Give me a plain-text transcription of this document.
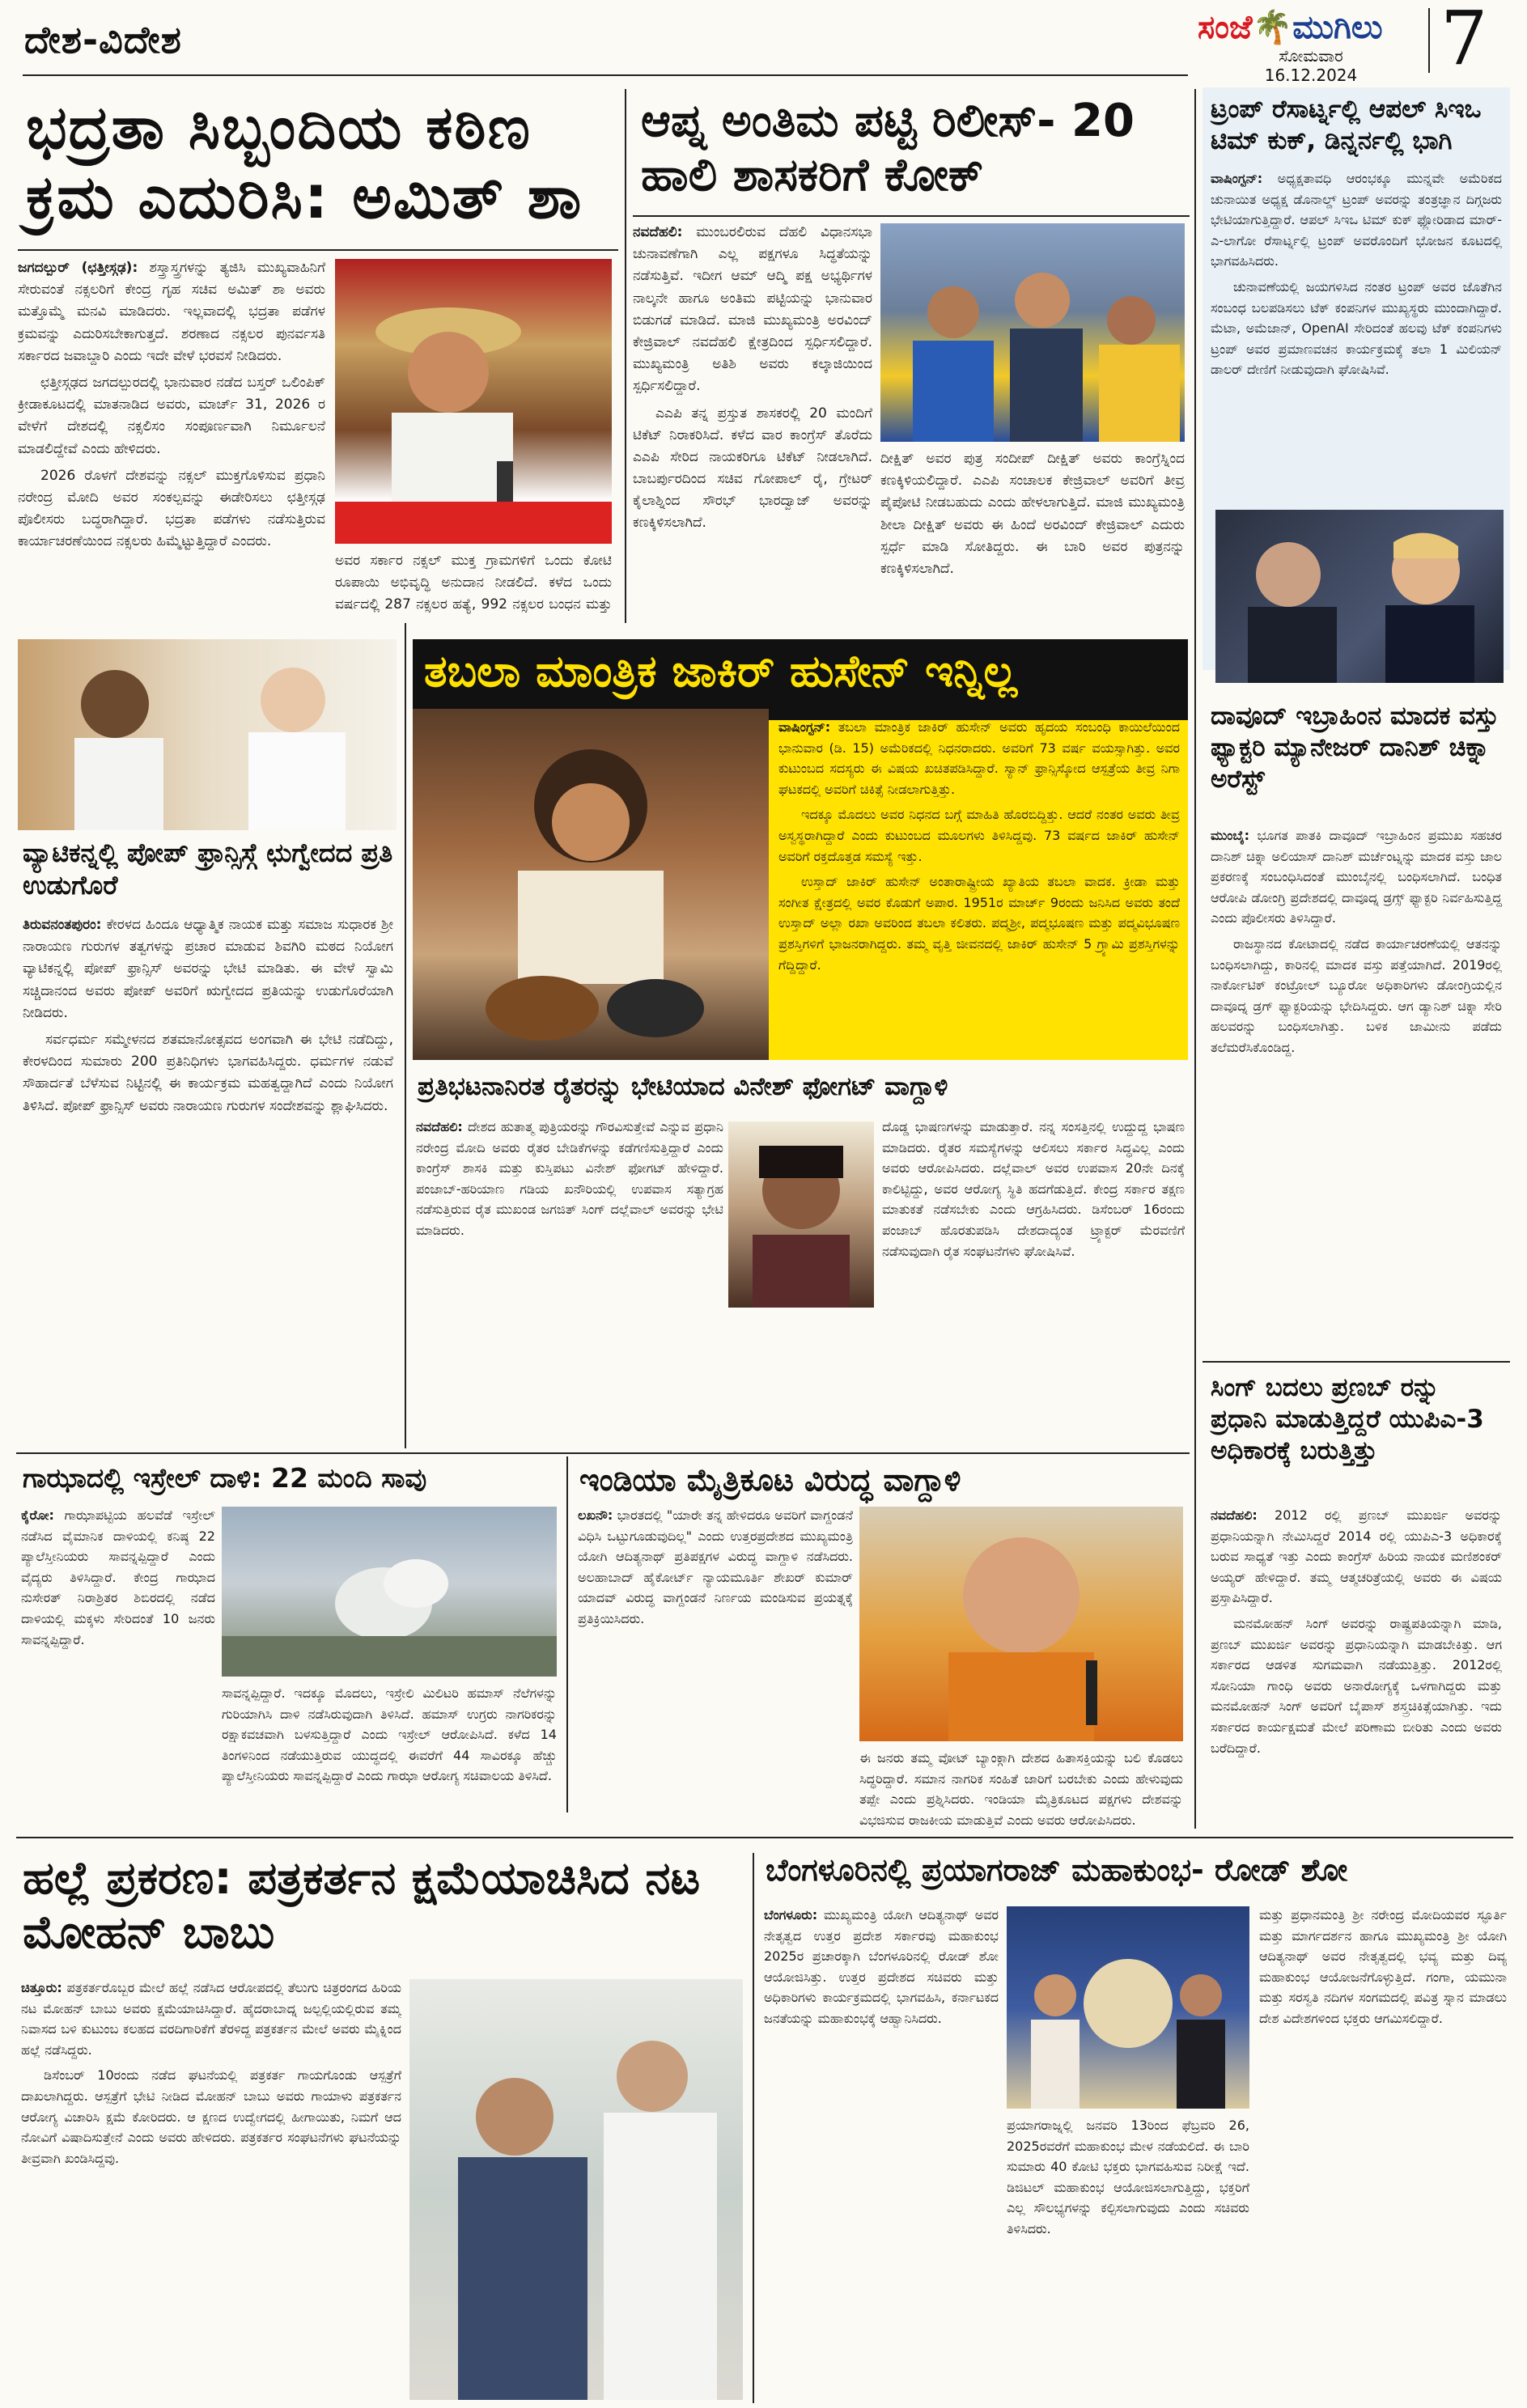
ದೇಶ-ವಿದೇಶ	ಸಂಜೆ🌴ಮುಗಿಲು
ಸೋಮವಾರ
16.12.2024	7
ಭದ್ರತಾ ಸಿಬ್ಬಂದಿಯ ಕಠಿಣ ಕ್ರಮ ಎದುರಿಸಿ: ಅಮಿತ್ ಶಾ

ಜಗದಲ್ಪುರ್ (ಛತ್ತೀಸ್ಗಢ): ಶಸ್ತ್ರಾಸ್ತ್ರಗಳನ್ನು ತ್ಯಜಿಸಿ ಮುಖ್ಯವಾಹಿನಿಗೆ ಸೇರುವಂತೆ ನಕ್ಸಲರಿಗೆ ಕೇಂದ್ರ ಗೃಹ ಸಚಿವ ಅಮಿತ್ ಶಾ ಅವರು ಮತ್ತೊಮ್ಮೆ ಮನವಿ ಮಾಡಿದರು. ಇಲ್ಲವಾದಲ್ಲಿ ಭದ್ರತಾ ಪಡೆಗಳ ಕ್ರಮವನ್ನು ಎದುರಿಸಬೇಕಾಗುತ್ತದೆ. ಶರಣಾದ ನಕ್ಸಲರ ಪುನರ್ವಸತಿ ಸರ್ಕಾರದ ಜವಾಬ್ದಾರಿ ಎಂದು ಇದೇ ವೇಳೆ ಭರವಸೆ ನೀಡಿದರು.

ಛತ್ತೀಸ್ಗಢದ ಜಗದಲ್ಪುರದಲ್ಲಿ ಭಾನುವಾರ ನಡೆದ ಬಸ್ತರ್ ಒಲಿಂಪಿಕ್ ಕ್ರೀಡಾಕೂಟದಲ್ಲಿ ಮಾತನಾಡಿದ ಅವರು, ಮಾರ್ಚ್ 31, 2026 ರ ವೇಳೆಗೆ ದೇಶದಲ್ಲಿ ನಕ್ಸಲಿಸಂ ಸಂಪೂರ್ಣವಾಗಿ ನಿರ್ಮೂಲನೆ ಮಾಡಲಿದ್ದೇವೆ ಎಂದು ಹೇಳಿದರು.

2026 ರೊಳಗೆ ದೇಶವನ್ನು ನಕ್ಸಲ್ ಮುಕ್ತಗೊಳಿಸುವ ಪ್ರಧಾನಿ ನರೇಂದ್ರ ಮೋದಿ ಅವರ ಸಂಕಲ್ಪವನ್ನು ಈಡೇರಿಸಲು ಛತ್ತೀಸ್ಗಢ ಪೊಲೀಸರು ಬದ್ಧರಾಗಿದ್ದಾರೆ. ಭದ್ರತಾ ಪಡೆಗಳು ನಡೆಸುತ್ತಿರುವ ಕಾರ್ಯಾಚರಣೆಯಿಂದ ನಕ್ಸಲರು ಹಿಮ್ಮೆಟ್ಟುತ್ತಿದ್ದಾರೆ ಎಂದರು.

ಅವರ ಸರ್ಕಾರ ನಕ್ಸಲ್ ಮುಕ್ತ ಗ್ರಾಮಗಳಿಗೆ ಒಂದು ಕೋಟಿ ರೂಪಾಯಿ ಅಭಿವೃದ್ಧಿ ಅನುದಾನ ನೀಡಲಿದೆ. ಕಳೆದ ಒಂದು ವರ್ಷದಲ್ಲಿ 287 ನಕ್ಸಲರ ಹತ್ಯೆ, 992 ನಕ್ಸಲರ ಬಂಧನ ಮತ್ತು

ಆಪ್ನ ಅಂತಿಮ ಪಟ್ಟಿ ರಿಲೀಸ್- 20 ಹಾಲಿ ಶಾಸಕರಿಗೆ ಕೋಕ್

ನವದೆಹಲಿ: ಮುಂಬರಲಿರುವ ದೆಹಲಿ ವಿಧಾನಸಭಾ ಚುನಾವಣೆಗಾಗಿ ಎಲ್ಲ ಪಕ್ಷಗಳೂ ಸಿದ್ಧತೆಯನ್ನು ನಡೆಸುತ್ತಿವೆ. ಇದೀಗ ಆಮ್ ಆದ್ಮಿ ಪಕ್ಷ ಅಭ್ಯರ್ಥಿಗಳ ನಾಲ್ಕನೇ ಹಾಗೂ ಅಂತಿಮ ಪಟ್ಟಿಯನ್ನು ಭಾನುವಾರ ಬಿಡುಗಡೆ ಮಾಡಿದೆ. ಮಾಜಿ ಮುಖ್ಯಮಂತ್ರಿ ಅರವಿಂದ್ ಕೇಜ್ರಿವಾಲ್ ನವದೆಹಲಿ ಕ್ಷೇತ್ರದಿಂದ ಸ್ಪರ್ಧಿಸಲಿದ್ದಾರೆ. ಮುಖ್ಯಮಂತ್ರಿ ಅತಿಶಿ ಅವರು ಕಲ್ಕಾಜಿಯಿಂದ ಸ್ಪರ್ಧಿಸಲಿದ್ದಾರೆ.

ಎಎಪಿ ತನ್ನ ಪ್ರಸ್ತುತ ಶಾಸಕರಲ್ಲಿ 20 ಮಂದಿಗೆ ಟಿಕೆಟ್ ನಿರಾಕರಿಸಿದೆ. ಕಳೆದ ವಾರ ಕಾಂಗ್ರೆಸ್ ತೊರೆದು ಎಎಪಿ ಸೇರಿದ ನಾಯಕರಿಗೂ ಟಿಕೆಟ್ ನೀಡಲಾಗಿದೆ. ಬಾಬರ್ಪುರದಿಂದ ಸಚಿವ ಗೋಪಾಲ್ ರೈ, ಗ್ರೇಟರ್ ಕೈಲಾಶ್ನಿಂದ ಸೌರಭ್ ಭಾರದ್ವಾಜ್ ಅವರನ್ನು ಕಣಕ್ಕಿಳಿಸಲಾಗಿದೆ.

ದೀಕ್ಷಿತ್ ಅವರ ಪುತ್ರ ಸಂದೀಪ್ ದೀಕ್ಷಿತ್ ಅವರು ಕಾಂಗ್ರೆಸ್ನಿಂದ ಕಣಕ್ಕಿಳಿಯಲಿದ್ದಾರೆ. ಎಎಪಿ ಸಂಚಾಲಕ ಕೇಜ್ರಿವಾಲ್ ಅವರಿಗೆ ತೀವ್ರ ಪೈಪೋಟಿ ನೀಡಬಹುದು ಎಂದು ಹೇಳಲಾಗುತ್ತಿದೆ. ಮಾಜಿ ಮುಖ್ಯಮಂತ್ರಿ ಶೀಲಾ ದೀಕ್ಷಿತ್ ಅವರು ಈ ಹಿಂದೆ ಅರವಿಂದ್ ಕೇಜ್ರಿವಾಲ್ ಎದುರು ಸ್ಪರ್ಧೆ ಮಾಡಿ ಸೋತಿದ್ದರು. ಈ ಬಾರಿ ಅವರ ಪುತ್ರನನ್ನು ಕಣಕ್ಕಿಳಿಸಲಾಗಿದೆ.

ಟ್ರಂಪ್ ರೆಸಾರ್ಟ್ನಲ್ಲಿ ಆಪಲ್ ಸಿಇಒ ಟಿಮ್ ಕುಕ್, ಡಿನ್ನರ್ನಲ್ಲಿ ಭಾಗಿ

ವಾಷಿಂಗ್ಟನ್: ಅಧ್ಯಕ್ಷತಾವಧಿ ಆರಂಭಕ್ಕೂ ಮುನ್ನವೇ ಅಮೆರಿಕದ ಚುನಾಯಿತ ಅಧ್ಯಕ್ಷ ಡೊನಾಲ್ಡ್ ಟ್ರಂಪ್ ಅವರನ್ನು ತಂತ್ರಜ್ಞಾನ ದಿಗ್ಗಜರು ಭೇಟಿಯಾಗುತ್ತಿದ್ದಾರೆ. ಆಪಲ್ ಸಿಇಒ ಟಿಮ್ ಕುಕ್ ಫ್ಲೋರಿಡಾದ ಮಾರ್-ಎ-ಲಾಗೋ ರೆಸಾರ್ಟ್ನಲ್ಲಿ ಟ್ರಂಪ್ ಅವರೊಂದಿಗೆ ಭೋಜನ ಕೂಟದಲ್ಲಿ ಭಾಗವಹಿಸಿದರು.

ಚುನಾವಣೆಯಲ್ಲಿ ಜಯಗಳಿಸಿದ ನಂತರ ಟ್ರಂಪ್ ಅವರ ಜೊತೆಗಿನ ಸಂಬಂಧ ಬಲಪಡಿಸಲು ಟೆಕ್ ಕಂಪನಿಗಳ ಮುಖ್ಯಸ್ಥರು ಮುಂದಾಗಿದ್ದಾರೆ. ಮೆಟಾ, ಅಮೆಜಾನ್, OpenAI ಸೇರಿದಂತೆ ಹಲವು ಟೆಕ್ ಕಂಪನಿಗಳು ಟ್ರಂಪ್ ಅವರ ಪ್ರಮಾಣವಚನ ಕಾರ್ಯಕ್ರಮಕ್ಕೆ ತಲಾ 1 ಮಿಲಿಯನ್ ಡಾಲರ್ ದೇಣಿಗೆ ನೀಡುವುದಾಗಿ ಘೋಷಿಸಿವೆ.

ದಾವೂದ್ ಇಬ್ರಾಹಿಂನ ಮಾದಕ ವಸ್ತು ಫ್ಯಾಕ್ಟರಿ ಮ್ಯಾನೇಜರ್ ದಾನಿಶ್ ಚಿಕ್ನಾ ಅರೆಸ್ಟ್

ಮುಂಬೈ: ಭೂಗತ ಪಾತಕಿ ದಾವೂದ್ ಇಬ್ರಾಹಿಂನ ಪ್ರಮುಖ ಸಹಚರ ದಾನಿಶ್ ಚಿಕ್ನಾ ಅಲಿಯಾಸ್ ದಾನಿಶ್ ಮರ್ಚೆಂಟ್ನನ್ನು ಮಾದಕ ವಸ್ತು ಜಾಲ ಪ್ರಕರಣಕ್ಕೆ ಸಂಬಂಧಿಸಿದಂತೆ ಮುಂಬೈನಲ್ಲಿ ಬಂಧಿಸಲಾಗಿದೆ. ಬಂಧಿತ ಆರೋಪಿ ಡೋಂಗ್ರಿ ಪ್ರದೇಶದಲ್ಲಿ ದಾವೂದ್ನ ಡ್ರಗ್ಸ್ ಫ್ಯಾಕ್ಟರಿ ನಿರ್ವಹಿಸುತ್ತಿದ್ದ ಎಂದು ಪೊಲೀಸರು ತಿಳಿಸಿದ್ದಾರೆ.

ರಾಜಸ್ಥಾನದ ಕೋಟಾದಲ್ಲಿ ನಡೆದ ಕಾರ್ಯಾಚರಣೆಯಲ್ಲಿ ಆತನನ್ನು ಬಂಧಿಸಲಾಗಿದ್ದು, ಕಾರಿನಲ್ಲಿ ಮಾದಕ ವಸ್ತು ಪತ್ತೆಯಾಗಿದೆ. 2019ರಲ್ಲಿ ನಾರ್ಕೋಟಿಕ್ ಕಂಟ್ರೋಲ್ ಬ್ಯೂರೋ ಅಧಿಕಾರಿಗಳು ಡೋಂಗ್ರಿಯಲ್ಲಿನ ದಾವೂದ್ನ ಡ್ರಗ್ ಫ್ಯಾಕ್ಟರಿಯನ್ನು ಭೇದಿಸಿದ್ದರು. ಆಗ ಡ್ಯಾನಿಶ್ ಚಿಕ್ನಾ ಸೇರಿ ಹಲವರನ್ನು ಬಂಧಿಸಲಾಗಿತ್ತು. ಬಳಿಕ ಜಾಮೀನು ಪಡೆದು ತಲೆಮರೆಸಿಕೊಂಡಿದ್ದ.

ಸಿಂಗ್ ಬದಲು ಪ್ರಣಬ್ ರನ್ನು ಪ್ರಧಾನಿ ಮಾಡುತ್ತಿದ್ದರೆ ಯುಪಿಎ-3 ಅಧಿಕಾರಕ್ಕೆ ಬರುತ್ತಿತ್ತು

ನವದೆಹಲಿ: 2012 ರಲ್ಲಿ ಪ್ರಣಬ್ ಮುಖರ್ಜಿ ಅವರನ್ನು ಪ್ರಧಾನಿಯನ್ನಾಗಿ ನೇಮಿಸಿದ್ದರೆ 2014 ರಲ್ಲಿ ಯುಪಿಎ-3 ಅಧಿಕಾರಕ್ಕೆ ಬರುವ ಸಾಧ್ಯತೆ ಇತ್ತು ಎಂದು ಕಾಂಗ್ರೆಸ್ ಹಿರಿಯ ನಾಯಕ ಮಣಿಶಂಕರ್ ಅಯ್ಯರ್ ಹೇಳಿದ್ದಾರೆ. ತಮ್ಮ ಆತ್ಮಚರಿತ್ರೆಯಲ್ಲಿ ಅವರು ಈ ವಿಷಯ ಪ್ರಸ್ತಾಪಿಸಿದ್ದಾರೆ.

ಮನಮೋಹನ್ ಸಿಂಗ್ ಅವರನ್ನು ರಾಷ್ಟ್ರಪತಿಯನ್ನಾಗಿ ಮಾಡಿ, ಪ್ರಣಬ್ ಮುಖರ್ಜಿ ಅವರನ್ನು ಪ್ರಧಾನಿಯನ್ನಾಗಿ ಮಾಡಬೇಕಿತ್ತು. ಆಗ ಸರ್ಕಾರದ ಆಡಳಿತ ಸುಗಮವಾಗಿ ನಡೆಯುತ್ತಿತ್ತು. 2012ರಲ್ಲಿ ಸೋನಿಯಾ ಗಾಂಧಿ ಅವರು ಅನಾರೋಗ್ಯಕ್ಕೆ ಒಳಗಾಗಿದ್ದರು ಮತ್ತು ಮನಮೋಹನ್ ಸಿಂಗ್ ಅವರಿಗೆ ಬೈಪಾಸ್ ಶಸ್ತ್ರಚಿಕಿತ್ಸೆಯಾಗಿತ್ತು. ಇದು ಸರ್ಕಾರದ ಕಾರ್ಯಕ್ಷಮತೆ ಮೇಲೆ ಪರಿಣಾಮ ಬೀರಿತು ಎಂದು ಅವರು ಬರೆದಿದ್ದಾರೆ.

ವ್ಯಾಟಿಕನ್ನಲ್ಲಿ ಪೋಪ್ ಫ್ರಾನ್ಸಿಸ್ಗೆ ಛುಗ್ವೇದದ ಪ್ರತಿ ಉಡುಗೊರೆ

ತಿರುವನಂತಪುರಂ: ಕೇರಳದ ಹಿಂದೂ ಆಧ್ಯಾತ್ಮಿಕ ನಾಯಕ ಮತ್ತು ಸಮಾಜ ಸುಧಾರಕ ಶ್ರೀ ನಾರಾಯಣ ಗುರುಗಳ ತತ್ವಗಳನ್ನು ಪ್ರಚಾರ ಮಾಡುವ ಶಿವಗಿರಿ ಮಠದ ನಿಯೋಗ ವ್ಯಾಟಿಕನ್ನಲ್ಲಿ ಪೋಪ್ ಫ್ರಾನ್ಸಿಸ್ ಅವರನ್ನು ಭೇಟಿ ಮಾಡಿತು. ಈ ವೇಳೆ ಸ್ವಾಮಿ ಸಚ್ಚಿದಾನಂದ ಅವರು ಪೋಪ್ ಅವರಿಗೆ ಋಗ್ವೇದದ ಪ್ರತಿಯನ್ನು ಉಡುಗೊರೆಯಾಗಿ ನೀಡಿದರು.

ಸರ್ವಧರ್ಮ ಸಮ್ಮೇಳನದ ಶತಮಾನೋತ್ಸವದ ಅಂಗವಾಗಿ ಈ ಭೇಟಿ ನಡೆದಿದ್ದು, ಕೇರಳದಿಂದ ಸುಮಾರು 200 ಪ್ರತಿನಿಧಿಗಳು ಭಾಗವಹಿಸಿದ್ದರು. ಧರ್ಮಗಳ ನಡುವೆ ಸೌಹಾರ್ದತೆ ಬೆಳೆಸುವ ನಿಟ್ಟಿನಲ್ಲಿ ಈ ಕಾರ್ಯಕ್ರಮ ಮಹತ್ವದ್ದಾಗಿದೆ ಎಂದು ನಿಯೋಗ ತಿಳಿಸಿದೆ. ಪೋಪ್ ಫ್ರಾನ್ಸಿಸ್ ಅವರು ನಾರಾಯಣ ಗುರುಗಳ ಸಂದೇಶವನ್ನು ಶ್ಲಾಘಿಸಿದರು.

ತಬಲಾ ಮಾಂತ್ರಿಕ ಜಾಕಿರ್ ಹುಸೇನ್ ಇನ್ನಿಲ್ಲ

ವಾಷಿಂಗ್ಟನ್: ತಬಲಾ ಮಾಂತ್ರಿಕ ಜಾಕಿರ್ ಹುಸೇನ್ ಅವರು ಹೃದಯ ಸಂಬಂಧಿ ಕಾಯಿಲೆಯಿಂದ ಭಾನುವಾರ (ಡಿ. 15) ಅಮೆರಿಕದಲ್ಲಿ ನಿಧನರಾದರು. ಅವರಿಗೆ 73 ವರ್ಷ ವಯಸ್ಸಾಗಿತ್ತು. ಅವರ ಕುಟುಂಬದ ಸದಸ್ಯರು ಈ ವಿಷಯ ಖಚಿತಪಡಿಸಿದ್ದಾರೆ. ಸ್ಯಾನ್ ಫ್ರಾನ್ಸಿಸ್ಕೋದ ಆಸ್ಪತ್ರೆಯ ತೀವ್ರ ನಿಗಾ ಘಟಕದಲ್ಲಿ ಅವರಿಗೆ ಚಿಕಿತ್ಸೆ ನೀಡಲಾಗುತ್ತಿತ್ತು.

ಇದಕ್ಕೂ ಮೊದಲು ಅವರ ನಿಧನದ ಬಗ್ಗೆ ಮಾಹಿತಿ ಹೊರಬಿದ್ದಿತ್ತು. ಆದರೆ ನಂತರ ಅವರು ತೀವ್ರ ಅಸ್ವಸ್ಥರಾಗಿದ್ದಾರೆ ಎಂದು ಕುಟುಂಬದ ಮೂಲಗಳು ತಿಳಿಸಿದ್ದವು. 73 ವರ್ಷದ ಜಾಕಿರ್ ಹುಸೇನ್ ಅವರಿಗೆ ರಕ್ತದೊತ್ತಡ ಸಮಸ್ಯೆ ಇತ್ತು.

ಉಸ್ತಾದ್ ಜಾಕಿರ್ ಹುಸೇನ್ ಅಂತಾರಾಷ್ಟ್ರೀಯ ಖ್ಯಾತಿಯ ತಬಲಾ ವಾದಕ. ಕ್ರೀಡಾ ಮತ್ತು ಸಂಗೀತ ಕ್ಷೇತ್ರದಲ್ಲಿ ಅವರ ಕೊಡುಗೆ ಅಪಾರ. 1951ರ ಮಾರ್ಚ್ 9ರಂದು ಜನಿಸಿದ ಅವರು ತಂದೆ ಉಸ್ತಾದ್ ಅಲ್ಲಾ ರಖಾ ಅವರಿಂದ ತಬಲಾ ಕಲಿತರು. ಪದ್ಮಶ್ರೀ, ಪದ್ಮಭೂಷಣ ಮತ್ತು ಪದ್ಮವಿಭೂಷಣ ಪ್ರಶಸ್ತಿಗಳಿಗೆ ಭಾಜನರಾಗಿದ್ದರು. ತಮ್ಮ ವೃತ್ತಿ ಜೀವನದಲ್ಲಿ ಜಾಕಿರ್ ಹುಸೇನ್ 5 ಗ್ರ್ಯಾಮಿ ಪ್ರಶಸ್ತಿಗಳನ್ನು ಗೆದ್ದಿದ್ದಾರೆ.

ಪ್ರತಿಭಟನಾನಿರತ ರೈತರನ್ನು ಭೇಟಿಯಾದ ವಿನೇಶ್ ಫೋಗಟ್ ವಾಗ್ದಾಳಿ

ನವದೆಹಲಿ: ದೇಶದ ಹುತಾತ್ಮ ಪುತ್ರಿಯರನ್ನು ಗೌರವಿಸುತ್ತೇವೆ ಎನ್ನುವ ಪ್ರಧಾನಿ ನರೇಂದ್ರ ಮೋದಿ ಅವರು ರೈತರ ಬೇಡಿಕೆಗಳನ್ನು ಕಡೆಗಣಿಸುತ್ತಿದ್ದಾರೆ ಎಂದು ಕಾಂಗ್ರೆಸ್ ಶಾಸಕಿ ಮತ್ತು ಕುಸ್ತಿಪಟು ವಿನೇಶ್ ಫೋಗಟ್ ಹೇಳಿದ್ದಾರೆ. ಪಂಜಾಬ್-ಹರಿಯಾಣ ಗಡಿಯ ಖನೌರಿಯಲ್ಲಿ ಉಪವಾಸ ಸತ್ಯಾಗ್ರಹ ನಡೆಸುತ್ತಿರುವ ರೈತ ಮುಖಂಡ ಜಗಜಿತ್ ಸಿಂಗ್ ದಲ್ಲೆವಾಲ್ ಅವರನ್ನು ಭೇಟಿ ಮಾಡಿದರು.

ದೊಡ್ಡ ಭಾಷಣಗಳನ್ನು ಮಾಡುತ್ತಾರೆ. ನನ್ನ ಸಂಸತ್ತಿನಲ್ಲಿ ಉದ್ದುದ್ದ ಭಾಷಣ ಮಾಡಿದರು. ರೈತರ ಸಮಸ್ಯೆಗಳನ್ನು ಆಲಿಸಲು ಸರ್ಕಾರ ಸಿದ್ಧವಿಲ್ಲ ಎಂದು ಅವರು ಆರೋಪಿಸಿದರು. ದಲ್ಲೆವಾಲ್ ಅವರ ಉಪವಾಸ 20ನೇ ದಿನಕ್ಕೆ ಕಾಲಿಟ್ಟಿದ್ದು, ಅವರ ಆರೋಗ್ಯ ಸ್ಥಿತಿ ಹದಗೆಡುತ್ತಿದೆ. ಕೇಂದ್ರ ಸರ್ಕಾರ ತಕ್ಷಣ ಮಾತುಕತೆ ನಡೆಸಬೇಕು ಎಂದು ಆಗ್ರಹಿಸಿದರು. ಡಿಸೆಂಬರ್ 16ರಂದು ಪಂಜಾಬ್ ಹೊರತುಪಡಿಸಿ ದೇಶದಾದ್ಯಂತ ಟ್ರ್ಯಾಕ್ಟರ್ ಮೆರವಣಿಗೆ ನಡೆಸುವುದಾಗಿ ರೈತ ಸಂಘಟನೆಗಳು ಘೋಷಿಸಿವೆ.

ಗಾಝಾದಲ್ಲಿ ಇಸ್ರೇಲ್ ದಾಳಿ: 22 ಮಂದಿ ಸಾವು

ಕೈರೋ: ಗಾಝಾಪಟ್ಟಿಯ ಹಲವೆಡೆ ಇಸ್ರೇಲ್ ನಡೆಸಿದ ವೈಮಾನಿಕ ದಾಳಿಯಲ್ಲಿ ಕನಿಷ್ಠ 22 ಪ್ಯಾಲೆಸ್ತೀನಿಯರು ಸಾವನ್ನಪ್ಪಿದ್ದಾರೆ ಎಂದು ವೈದ್ಯರು ತಿಳಿಸಿದ್ದಾರೆ. ಕೇಂದ್ರ ಗಾಝಾದ ನುಸೇರತ್ ನಿರಾಶ್ರಿತರ ಶಿಬಿರದಲ್ಲಿ ನಡೆದ ದಾಳಿಯಲ್ಲಿ ಮಕ್ಕಳು ಸೇರಿದಂತೆ 10 ಜನರು ಸಾವನ್ನಪ್ಪಿದ್ದಾರೆ.

ಸಾವನ್ನಪ್ಪಿದ್ದಾರೆ. ಇದಕ್ಕೂ ಮೊದಲು, ಇಸ್ರೇಲಿ ಮಿಲಿಟರಿ ಹಮಾಸ್ ನೆಲೆಗಳನ್ನು ಗುರಿಯಾಗಿಸಿ ದಾಳಿ ನಡೆಸಿರುವುದಾಗಿ ತಿಳಿಸಿದೆ. ಹಮಾಸ್ ಉಗ್ರರು ನಾಗರಿಕರನ್ನು ರಕ್ಷಾಕವಚವಾಗಿ ಬಳಸುತ್ತಿದ್ದಾರೆ ಎಂದು ಇಸ್ರೇಲ್ ಆರೋಪಿಸಿದೆ. ಕಳೆದ 14 ತಿಂಗಳಿನಿಂದ ನಡೆಯುತ್ತಿರುವ ಯುದ್ಧದಲ್ಲಿ ಈವರೆಗೆ 44 ಸಾವಿರಕ್ಕೂ ಹೆಚ್ಚು ಪ್ಯಾಲೆಸ್ತೀನಿಯರು ಸಾವನ್ನಪ್ಪಿದ್ದಾರೆ ಎಂದು ಗಾಝಾ ಆರೋಗ್ಯ ಸಚಿವಾಲಯ ತಿಳಿಸಿದೆ.

ಇಂಡಿಯಾ ಮೈತ್ರಿಕೂಟ ವಿರುದ್ಧ ವಾಗ್ದಾಳಿ

ಲಖನೌ: ಭಾರತದಲ್ಲಿ "ಯಾರೇ ತನ್ನ ಹೇಳಿದರೂ ಅವರಿಗೆ ವಾಗ್ದಂಡನೆ ವಿಧಿಸಿ ಒಟ್ಟುಗೂಡುವುದಿಲ್ಲ" ಎಂದು ಉತ್ತರಪ್ರದೇಶದ ಮುಖ್ಯಮಂತ್ರಿ ಯೋಗಿ ಆದಿತ್ಯನಾಥ್ ಪ್ರತಿಪಕ್ಷಗಳ ವಿರುದ್ಧ ವಾಗ್ದಾಳಿ ನಡೆಸಿದರು. ಅಲಹಾಬಾದ್ ಹೈಕೋರ್ಟ್ ನ್ಯಾಯಮೂರ್ತಿ ಶೇಖರ್ ಕುಮಾರ್ ಯಾದವ್ ವಿರುದ್ಧ ವಾಗ್ದಂಡನೆ ನಿರ್ಣಯ ಮಂಡಿಸುವ ಪ್ರಯತ್ನಕ್ಕೆ ಪ್ರತಿಕ್ರಿಯಿಸಿದರು.

ಈ ಜನರು ತಮ್ಮ ವೋಟ್ ಬ್ಯಾಂಕ್ಗಾಗಿ ದೇಶದ ಹಿತಾಸಕ್ತಿಯನ್ನು ಬಲಿ ಕೊಡಲು ಸಿದ್ಧರಿದ್ದಾರೆ. ಸಮಾನ ನಾಗರಿಕ ಸಂಹಿತೆ ಜಾರಿಗೆ ಬರಬೇಕು ಎಂದು ಹೇಳುವುದು ತಪ್ಪೇ ಎಂದು ಪ್ರಶ್ನಿಸಿದರು. ಇಂಡಿಯಾ ಮೈತ್ರಿಕೂಟದ ಪಕ್ಷಗಳು ದೇಶವನ್ನು ವಿಭಜಿಸುವ ರಾಜಕೀಯ ಮಾಡುತ್ತಿವೆ ಎಂದು ಅವರು ಆರೋಪಿಸಿದರು.

ಹಲ್ಲೆ ಪ್ರಕರಣ: ಪತ್ರಕರ್ತನ ಕ್ಷಮೆಯಾಚಿಸಿದ ನಟ ಮೋಹನ್ ಬಾಬು

ಚಿತ್ತೂರು: ಪತ್ರಕರ್ತರೊಬ್ಬರ ಮೇಲೆ ಹಲ್ಲೆ ನಡೆಸಿದ ಆರೋಪದಲ್ಲಿ ತೆಲುಗು ಚಿತ್ರರಂಗದ ಹಿರಿಯ ನಟ ಮೋಹನ್ ಬಾಬು ಅವರು ಕ್ಷಮೆಯಾಚಿಸಿದ್ದಾರೆ. ಹೈದರಾಬಾದ್ನ ಜಲ್ಪಲ್ಲಿಯಲ್ಲಿರುವ ತಮ್ಮ ನಿವಾಸದ ಬಳಿ ಕುಟುಂಬ ಕಲಹದ ವರದಿಗಾರಿಕೆಗೆ ತೆರಳಿದ್ದ ಪತ್ರಕರ್ತನ ಮೇಲೆ ಅವರು ಮೈಕ್ನಿಂದ ಹಲ್ಲೆ ನಡೆಸಿದ್ದರು.

ಡಿಸೆಂಬರ್ 10ರಂದು ನಡೆದ ಘಟನೆಯಲ್ಲಿ ಪತ್ರಕರ್ತ ಗಾಯಗೊಂಡು ಆಸ್ಪತ್ರೆಗೆ ದಾಖಲಾಗಿದ್ದರು. ಆಸ್ಪತ್ರೆಗೆ ಭೇಟಿ ನೀಡಿದ ಮೋಹನ್ ಬಾಬು ಅವರು ಗಾಯಾಳು ಪತ್ರಕರ್ತನ ಆರೋಗ್ಯ ವಿಚಾರಿಸಿ ಕ್ಷಮೆ ಕೋರಿದರು. ಆ ಕ್ಷಣದ ಉದ್ವೇಗದಲ್ಲಿ ಹೀಗಾಯಿತು, ನಿಮಗೆ ಆದ ನೋವಿಗೆ ವಿಷಾದಿಸುತ್ತೇನೆ ಎಂದು ಅವರು ಹೇಳಿದರು. ಪತ್ರಕರ್ತರ ಸಂಘಟನೆಗಳು ಘಟನೆಯನ್ನು ತೀವ್ರವಾಗಿ ಖಂಡಿಸಿದ್ದವು.

ಬೆಂಗಳೂರಿನಲ್ಲಿ ಪ್ರಯಾಗರಾಜ್ ಮಹಾಕುಂಭ- ರೋಡ್ ಶೋ

ಬೆಂಗಳೂರು: ಮುಖ್ಯಮಂತ್ರಿ ಯೋಗಿ ಆದಿತ್ಯನಾಥ್ ಅವರ ನೇತೃತ್ವದ ಉತ್ತರ ಪ್ರದೇಶ ಸರ್ಕಾರವು ಮಹಾಕುಂಭ 2025ರ ಪ್ರಚಾರಕ್ಕಾಗಿ ಬೆಂಗಳೂರಿನಲ್ಲಿ ರೋಡ್ ಶೋ ಆಯೋಜಿಸಿತ್ತು. ಉತ್ತರ ಪ್ರದೇಶದ ಸಚಿವರು ಮತ್ತು ಅಧಿಕಾರಿಗಳು ಕಾರ್ಯಕ್ರಮದಲ್ಲಿ ಭಾಗವಹಿಸಿ, ಕರ್ನಾಟಕದ ಜನತೆಯನ್ನು ಮಹಾಕುಂಭಕ್ಕೆ ಆಹ್ವಾನಿಸಿದರು.

ಪ್ರಯಾಗರಾಜ್ನಲ್ಲಿ ಜನವರಿ 13ರಿಂದ ಫೆಬ್ರವರಿ 26, 2025ರವರೆಗೆ ಮಹಾಕುಂಭ ಮೇಳ ನಡೆಯಲಿದೆ. ಈ ಬಾರಿ ಸುಮಾರು 40 ಕೋಟಿ ಭಕ್ತರು ಭಾಗವಹಿಸುವ ನಿರೀಕ್ಷೆ ಇದೆ. ಡಿಜಿಟಲ್ ಮಹಾಕುಂಭ ಆಯೋಜಿಸಲಾಗುತ್ತಿದ್ದು, ಭಕ್ತರಿಗೆ ಎಲ್ಲ ಸೌಲಭ್ಯಗಳನ್ನು ಕಲ್ಪಿಸಲಾಗುವುದು ಎಂದು ಸಚಿವರು ತಿಳಿಸಿದರು.

ಮತ್ತು ಪ್ರಧಾನಮಂತ್ರಿ ಶ್ರೀ ನರೇಂದ್ರ ಮೋದಿಯವರ ಸ್ಫೂರ್ತಿ ಮತ್ತು ಮಾರ್ಗದರ್ಶನ ಹಾಗೂ ಮುಖ್ಯಮಂತ್ರಿ ಶ್ರೀ ಯೋಗಿ ಆದಿತ್ಯನಾಥ್ ಅವರ ನೇತೃತ್ವದಲ್ಲಿ ಭವ್ಯ ಮತ್ತು ದಿವ್ಯ ಮಹಾಕುಂಭ ಆಯೋಜನೆಗೊಳ್ಳುತ್ತಿದೆ. ಗಂಗಾ, ಯಮುನಾ ಮತ್ತು ಸರಸ್ವತಿ ನದಿಗಳ ಸಂಗಮದಲ್ಲಿ ಪವಿತ್ರ ಸ್ನಾನ ಮಾಡಲು ದೇಶ ವಿದೇಶಗಳಿಂದ ಭಕ್ತರು ಆಗಮಿಸಲಿದ್ದಾರೆ.
